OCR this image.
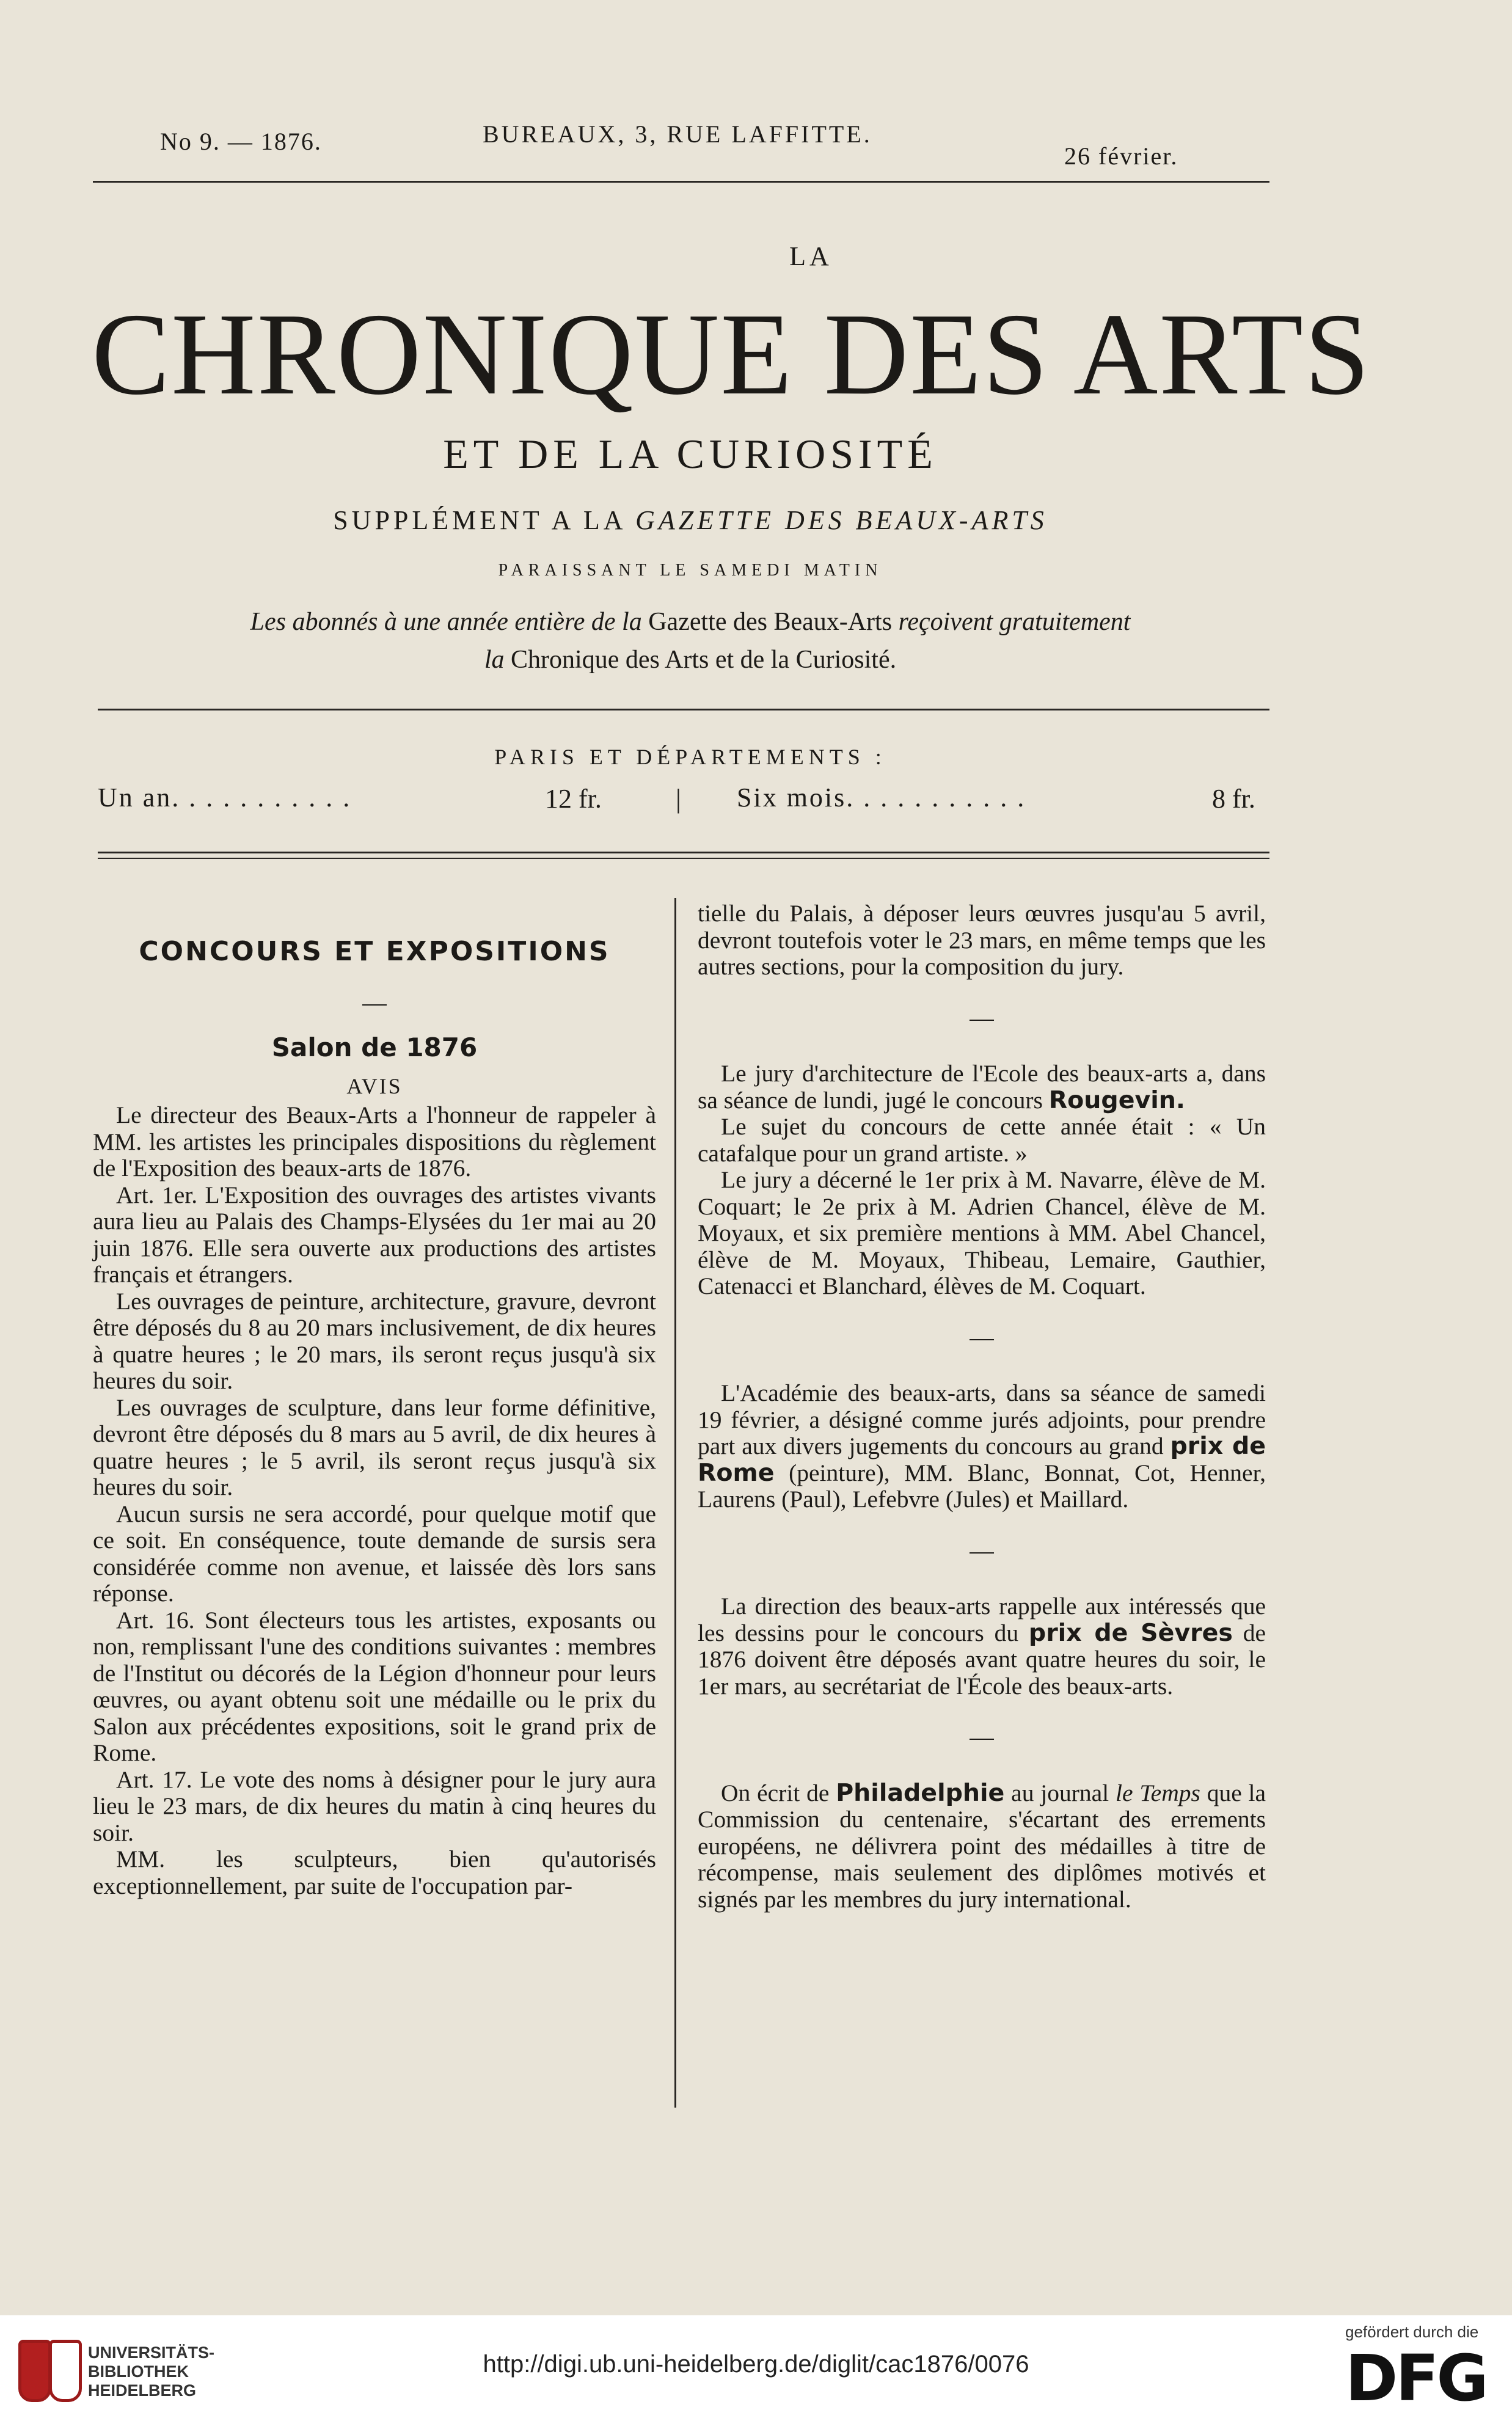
No 9. — 1876.	BUREAUX, 3, RUE LAFFITTE.
26 février.
LA
CHRONIQUE DES ARTS
ET DE LA CURIOSITÉ
SUPPLÉMENT A LA GAZETTE DES BEAUX-ARTS
PARAISSANT LE SAMEDI MATIN
Les abonnés à une année entière de la Gazette des Beaux-Arts reçoivent gratuitement
la Chronique des Arts et de la Curiosité.
PARIS ET DÉPARTEMENTS :
Un an. . . . . . . . . . .	12 fr.	| Six mois. . . . . . . . . . .	8 fr.
CONCOURS ET EXPOSITIONS
—
Salon de 1876
AVIS

Le directeur des Beaux-Arts a l'honneur de rappeler à MM. les artistes les principales dispositions du règlement de l'Exposition des beaux-arts de 1876.

Art. 1er. L'Exposition des ouvrages des artistes vivants aura lieu au Palais des Champs-Elysées du 1er mai au 20 juin 1876. Elle sera ouverte aux productions des artistes français et étrangers.

Les ouvrages de peinture, architecture, gravure, devront être déposés du 8 au 20 mars inclusivement, de dix heures à quatre heures ; le 20 mars, ils seront reçus jusqu'à six heures du soir.

Les ouvrages de sculpture, dans leur forme définitive, devront être déposés du 8 mars au 5 avril, de dix heures à quatre heures ; le 5 avril, ils seront reçus jusqu'à six heures du soir.

Aucun sursis ne sera accordé, pour quelque motif que ce soit. En conséquence, toute demande de sursis sera considérée comme non avenue, et laissée dès lors sans réponse.

Art. 16. Sont électeurs tous les artistes, exposants ou non, remplissant l'une des conditions suivantes : membres de l'Institut ou décorés de la Légion d'honneur pour leurs œuvres, ou ayant obtenu soit une médaille ou le prix du Salon aux précédentes expositions, soit le grand prix de Rome.

Art. 17. Le vote des noms à désigner pour le jury aura lieu le 23 mars, de dix heures du matin à cinq heures du soir.

MM. les sculpteurs, bien qu'autorisés exceptionnellement, par suite de l'occupation par-

tielle du Palais, à déposer leurs œuvres jusqu'au 5 avril, devront toutefois voter le 23 mars, en même temps que les autres sections, pour la composition du jury.

—

Le jury d'architecture de l'Ecole des beaux-arts a, dans sa séance de lundi, jugé le concours Rougevin.

Le sujet du concours de cette année était : « Un catafalque pour un grand artiste. »

Le jury a décerné le 1er prix à M. Navarre, élève de M. Coquart; le 2e prix à M. Adrien Chancel, élève de M. Moyaux, et six première mentions à MM. Abel Chancel, élève de M. Moyaux, Thibeau, Lemaire, Gauthier, Catenacci et Blanchard, élèves de M. Coquart.

—

L'Académie des beaux-arts, dans sa séance de samedi 19 février, a désigné comme jurés adjoints, pour prendre part aux divers jugements du concours au grand prix de Rome (peinture), MM. Blanc, Bonnat, Cot, Henner, Laurens (Paul), Lefebvre (Jules) et Maillard.

—

La direction des beaux-arts rappelle aux intéressés que les dessins pour le concours du prix de Sèvres de 1876 doivent être déposés avant quatre heures du soir, le 1er mars, au secrétariat de l'École des beaux-arts.

—

On écrit de Philadelphie au journal le Temps que la Commission du centenaire, s'écartant des errements européens, ne délivrera point des médailles à titre de récompense, mais seulement des diplômes motivés et signés par les membres du jury international.

UNIVERSITÄTS-
BIBLIOTHEK
HEIDELBERG
http://digi.ub.uni-heidelberg.de/diglit/cac1876/0076
gefördert durch die
DFG
